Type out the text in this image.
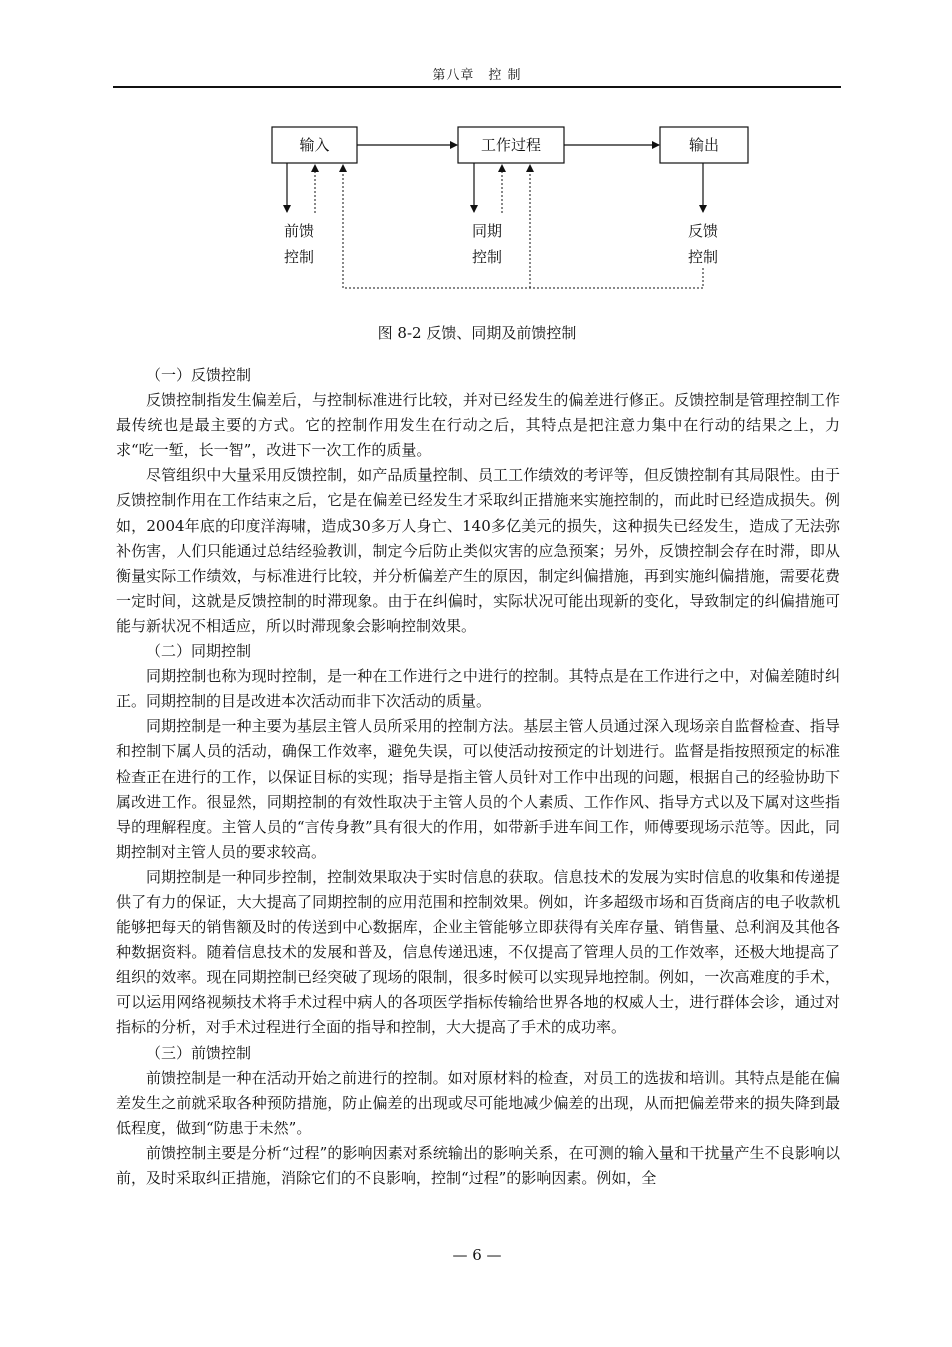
第八章　控 制
输入	工作过程	输出
前馈
控制
同期
控制
反馈
控制
图 8-2 反馈、同期及前馈控制

（一）反馈控制

反馈控制指发生偏差后，与控制标准进行比较，并对已经发生的偏差进行修正。反馈控制是管理控制工作最传统也是最主要的方式。它的控制作用发生在行动之后，其特点是把注意力集中在行动的结果之上，力求“吃一堑，长一智”，改进下一次工作的质量。

尽管组织中大量采用反馈控制，如产品质量控制、员工工作绩效的考评等，但反馈控制有其局限性。由于反馈控制作用在工作结束之后，它是在偏差已经发生才采取纠正措施来实施控制的，而此时已经造成损失。例如，2004年底的印度洋海啸，造成30多万人身亡、140多亿美元的损失，这种损失已经发生，造成了无法弥补伤害，人们只能通过总结经验教训，制定今后防止类似灾害的应急预案；另外，反馈控制会存在时滞，即从衡量实际工作绩效，与标准进行比较，并分析偏差产生的原因，制定纠偏措施，再到实施纠偏措施，需要花费一定时间，这就是反馈控制的时滞现象。由于在纠偏时，实际状况可能出现新的变化，导致制定的纠偏措施可能与新状况不相适应，所以时滞现象会影响控制效果。

（二）同期控制

同期控制也称为现时控制，是一种在工作进行之中进行的控制。其特点是在工作进行之中，对偏差随时纠正。同期控制的目是改进本次活动而非下次活动的质量。

同期控制是一种主要为基层主管人员所采用的控制方法。基层主管人员通过深入现场亲自监督检查、指导和控制下属人员的活动，确保工作效率，避免失误，可以使活动按预定的计划进行。监督是指按照预定的标准检查正在进行的工作，以保证目标的实现；指导是指主管人员针对工作中出现的问题，根据自己的经验协助下属改进工作。很显然，同期控制的有效性取决于主管人员的个人素质、工作作风、指导方式以及下属对这些指导的理解程度。主管人员的“言传身教”具有很大的作用，如带新手进车间工作，师傅要现场示范等。因此，同期控制对主管人员的要求较高。

同期控制是一种同步控制，控制效果取决于实时信息的获取。信息技术的发展为实时信息的收集和传递提供了有力的保证，大大提高了同期控制的应用范围和控制效果。例如，许多超级市场和百货商店的电子收款机能够把每天的销售额及时的传送到中心数据库，企业主管能够立即获得有关库存量、销售量、总利润及其他各种数据资料。随着信息技术的发展和普及，信息传递迅速，不仅提高了管理人员的工作效率，还极大地提高了组织的效率。现在同期控制已经突破了现场的限制，很多时候可以实现异地控制。例如，一次高难度的手术，可以运用网络视频技术将手术过程中病人的各项医学指标传输给世界各地的权威人士，进行群体会诊，通过对指标的分析，对手术过程进行全面的指导和控制，大大提高了手术的成功率。

（三）前馈控制

前馈控制是一种在活动开始之前进行的控制。如对原材料的检查，对员工的选拔和培训。其特点是能在偏差发生之前就采取各种预防措施，防止偏差的出现或尽可能地减少偏差的出现，从而把偏差带来的损失降到最低程度，做到“防患于未然”。

前馈控制主要是分析“过程”的影响因素对系统输出的影响关系，在可测的输入量和干扰量产生不良影响以前，及时采取纠正措施，消除它们的不良影响，控制“过程”的影响因素。例如，全

— 6 —
